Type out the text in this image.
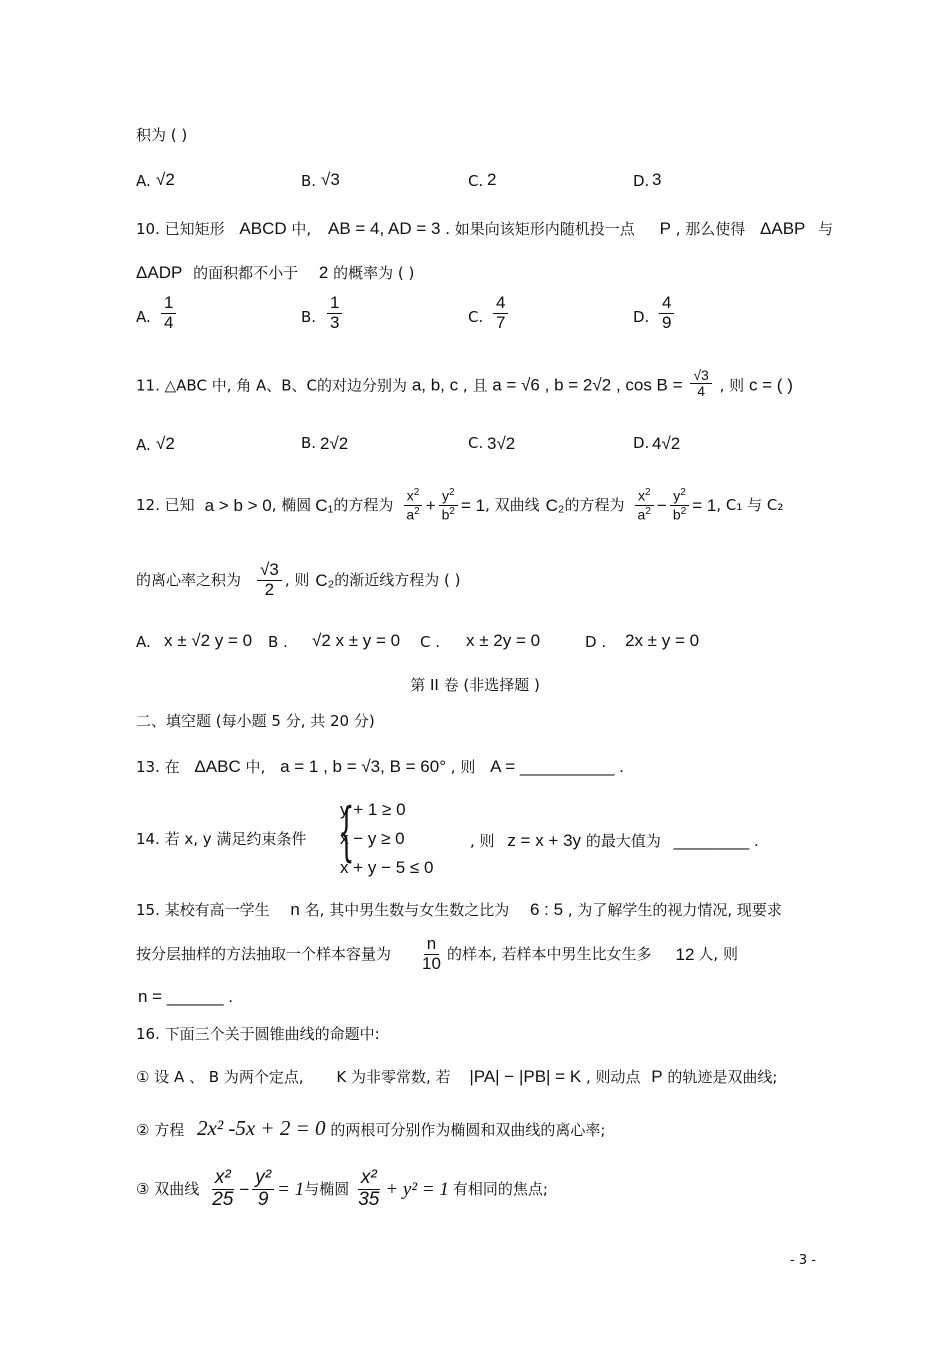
积为 ( )
A. √2	B. √3	C. 2	D. 3
10. 已知矩形 ABCD 中, AB = 4, AD = 3 . 如果向该矩形内随机投一点 P , 那么使得 ΔABP 与
ΔADP 的面积都不小于 2 的概率为 ( )
A. $\frac{1}{4}$	B. $\frac{1}{3}$	C. $\frac{4}{7}$	D. $\frac{4}{9}$
11. △ABC 中, 角 A、B、C的对边分别为 a, b, c , 且 a = √6 , b = 2√2 , $\cos B = \frac{√3}{4}$ , 则 c = ( )
A. √2	B. 2√2	C. 3√2	D. 4√2
12. 已知 a > b > 0 , 椭圆 C₁ 的方程为 $\frac{x^2}{a^2} + \frac{y^2}{b^2} = 1$ , 双曲线 C₂ 的方程为 $\frac{x^2}{a^2} - \frac{y^2}{b^2} = 1$ , C₁ 与 C₂
的离心率之积为 $\frac{√3}{2}$ , 则 C₂ 的渐近线方程为 ( )
A. x ± √2 y = 0 B . √2 x ± y = 0 C . x ± 2y = 0	D . 2x ± y = 0
第 II 卷 (非选择题 )
二、填空题 (每小题 5 分, 共 20 分)
13. 在 ΔABC 中, a = 1 , b = √3, B = 60° , 则 A = __________ .
14. 若 x, y 满足约束条件 {
y + 1 ≥ 0
x − y ≥ 0
x + y − 5 ≤ 0
, 则 z = x + 3y 的最大值为 ________ .
15. 某校有高一学生 n 名, 其中男生数与女生数之比为 6 : 5 , 为了解学生的视力情况, 现要求
按分层抽样的方法抽取一个样本容量为 $\frac{n}{10}$ 的样本, 若样本中男生比女生多 12 人, 则
n = ______ .
16. 下面三个关于圆锥曲线的命题中:
① 设 A 、 B 为两个定点, K 为非零常数, 若 |PA| − |PB| = K , 则动点 P 的轨迹是双曲线;
② 方程 2x² -5x + 2 = 0 的两根可分别作为椭圆和双曲线的离心率;
③ 双曲线 $\frac{\text{x²}}{25} - \frac{\text{y²}}{9} = 1$ 与椭圆 $\frac{\text{x²}}{35} + y^2 = 1$ 有相同的焦点;
- 3 -
